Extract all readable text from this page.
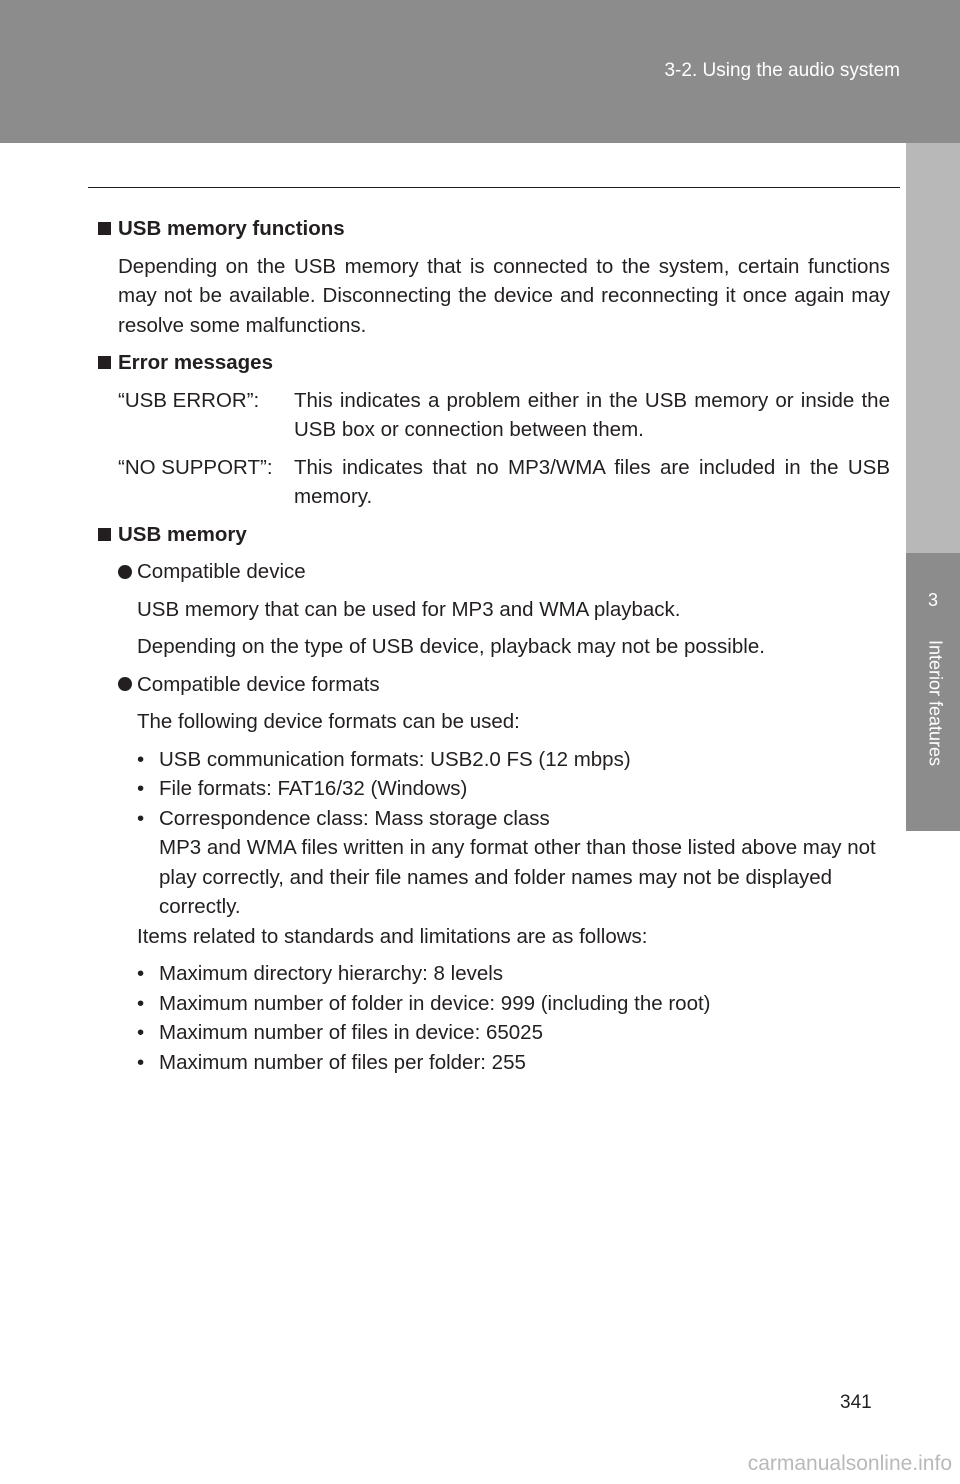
3-2. Using the audio system
3
Interior features
USB memory functions

Depending on the USB memory that is connected to the system, certain functions may not be available. Disconnecting the device and reconnecting it once again may resolve some malfunctions.

Error messages
“USB ERROR”:	This indicates a problem either in the USB memory or inside the USB box or connection between them.
“NO SUPPORT”:	This indicates that no MP3/WMA files are included in the USB memory.
USB memory
Compatible device

USB memory that can be used for MP3 and WMA playback.

Depending on the type of USB device, playback may not be possible.

Compatible device formats

The following device formats can be used:

• USB communication formats: USB2.0 FS (12 mbps)
• File formats: FAT16/32 (Windows)
• Correspondence class: Mass storage class
MP3 and WMA files written in any format other than those listed above may not play correctly, and their file names and folder names may not be displayed correctly.

Items related to standards and limitations are as follows:

• Maximum directory hierarchy: 8 levels
• Maximum number of folder in device: 999 (including the root)
• Maximum number of files in device: 65025
• Maximum number of files per folder: 255
341
carmanualsonline.info
